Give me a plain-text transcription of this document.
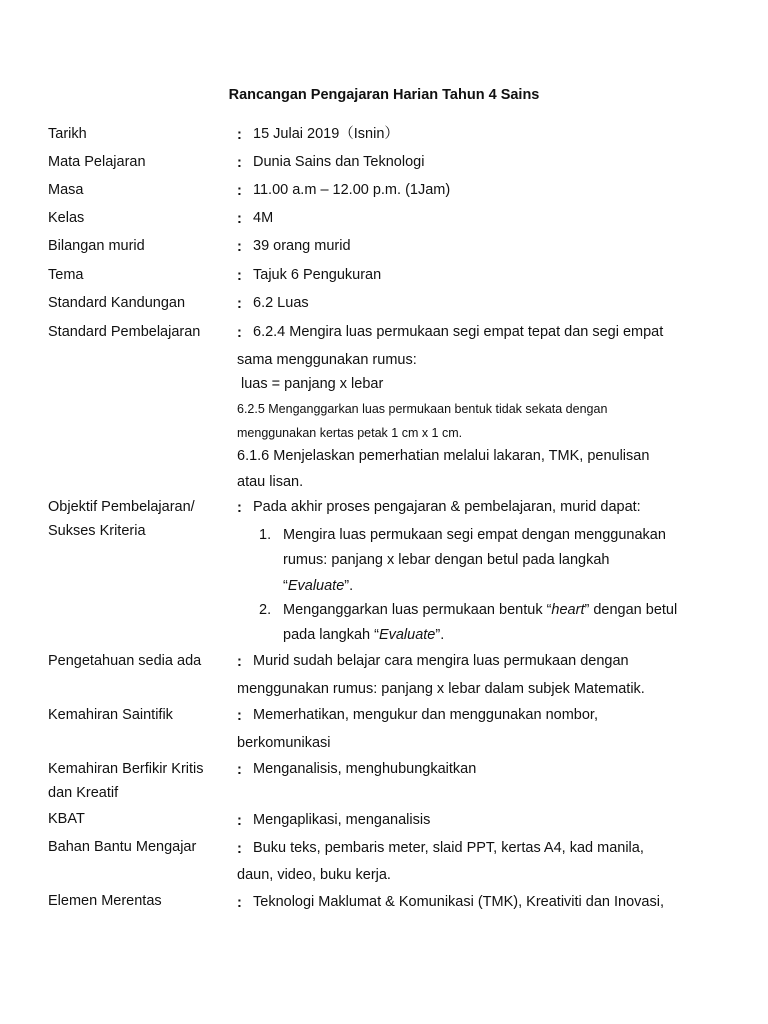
Rancangan Pengajaran Harian Tahun 4 Sains
Tarikh	: 15 Julai 2019（Isnin）
Mata Pelajaran	: Dunia Sains dan Teknologi
Masa	: 11.00 a.m – 12.00 p.m. (1Jam)
Kelas	: 4M
Bilangan murid	: 39 orang murid
Tema	: Tajuk 6 Pengukuran
Standard Kandungan	: 6.2 Luas
Standard Pembelajaran	: 6.2.4 Mengira luas permukaan segi empat tepat dan segi empat
sama menggunakan rumus:
luas = panjang x lebar
6.2.5 Menganggarkan luas permukaan bentuk tidak sekata dengan
menggunakan kertas petak 1 cm x 1 cm.
6.1.6 Menjelaskan pemerhatian melalui lakaran, TMK, penulisan
atau lisan.
Objektif Pembelajaran/
Sukses Kriteria
: Pada akhir proses pengajaran & pembelajaran, murid dapat:
1. Mengira luas permukaan segi empat dengan menggunakan
rumus: panjang x lebar dengan betul pada langkah
“Evaluate”.
2. Menganggarkan luas permukaan bentuk “heart” dengan betul
pada langkah “Evaluate”.
Pengetahuan sedia ada : Murid sudah belajar cara mengira luas permukaan dengan
menggunakan rumus: panjang x lebar dalam subjek Matematik.
Kemahiran Saintifik	: Memerhatikan, mengukur dan menggunakan nombor,
berkomunikasi
Kemahiran Berfikir Kritis
dan Kreatif
: Menganalisis, menghubungkaitkan
KBAT	: Mengaplikasi, menganalisis
Bahan Bantu Mengajar	: Buku teks, pembaris meter, slaid PPT, kertas A4, kad manila,
daun, video, buku kerja.
Elemen Merentas	: Teknologi Maklumat & Komunikasi (TMK), Kreativiti dan Inovasi,
